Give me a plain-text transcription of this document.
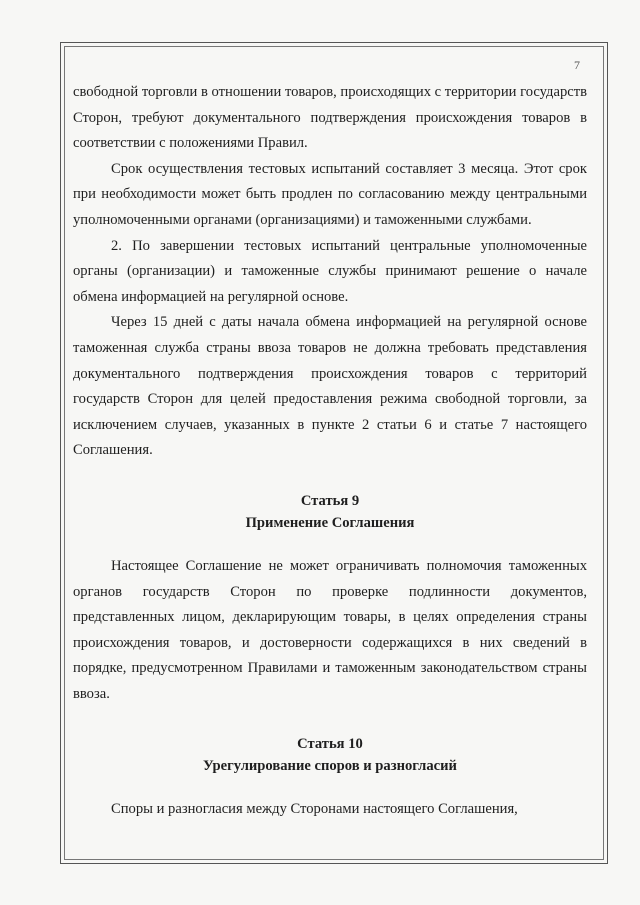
7

свободной торговли в отношении товаров, происходящих с территории государств Сторон, требуют документального подтверждения происхождения товаров в соответствии с положениями Правил.

Срок осуществления тестовых испытаний составляет 3 месяца. Этот срок при необходимости может быть продлен по согласованию между центральными уполномоченными органами (организациями) и таможенными службами.

2. По завершении тестовых испытаний центральные уполномоченные органы (организации) и таможенные службы принимают решение о начале обмена информацией на регулярной основе.

Через 15 дней с даты начала обмена информацией на регулярной основе таможенная служба страны ввоза товаров не должна требовать представления документального подтверждения происхождения товаров с территорий государств Сторон для целей предоставления режима свободной торговли, за исключением случаев, указанных в пункте 2 статьи 6 и статье 7 настоящего Соглашения.

Статья 9

Применение Соглашения

Настоящее Соглашение не может ограничивать полномочия таможенных органов государств Сторон по проверке подлинности документов, представленных лицом, декларирующим товары, в целях определения страны происхождения товаров, и достоверности содержащихся в них сведений в порядке, предусмотренном Правилами и таможенным законодательством страны ввоза.

Статья 10

Урегулирование споров и разногласий

Споры и разногласия между Сторонами настоящего Соглашения,
